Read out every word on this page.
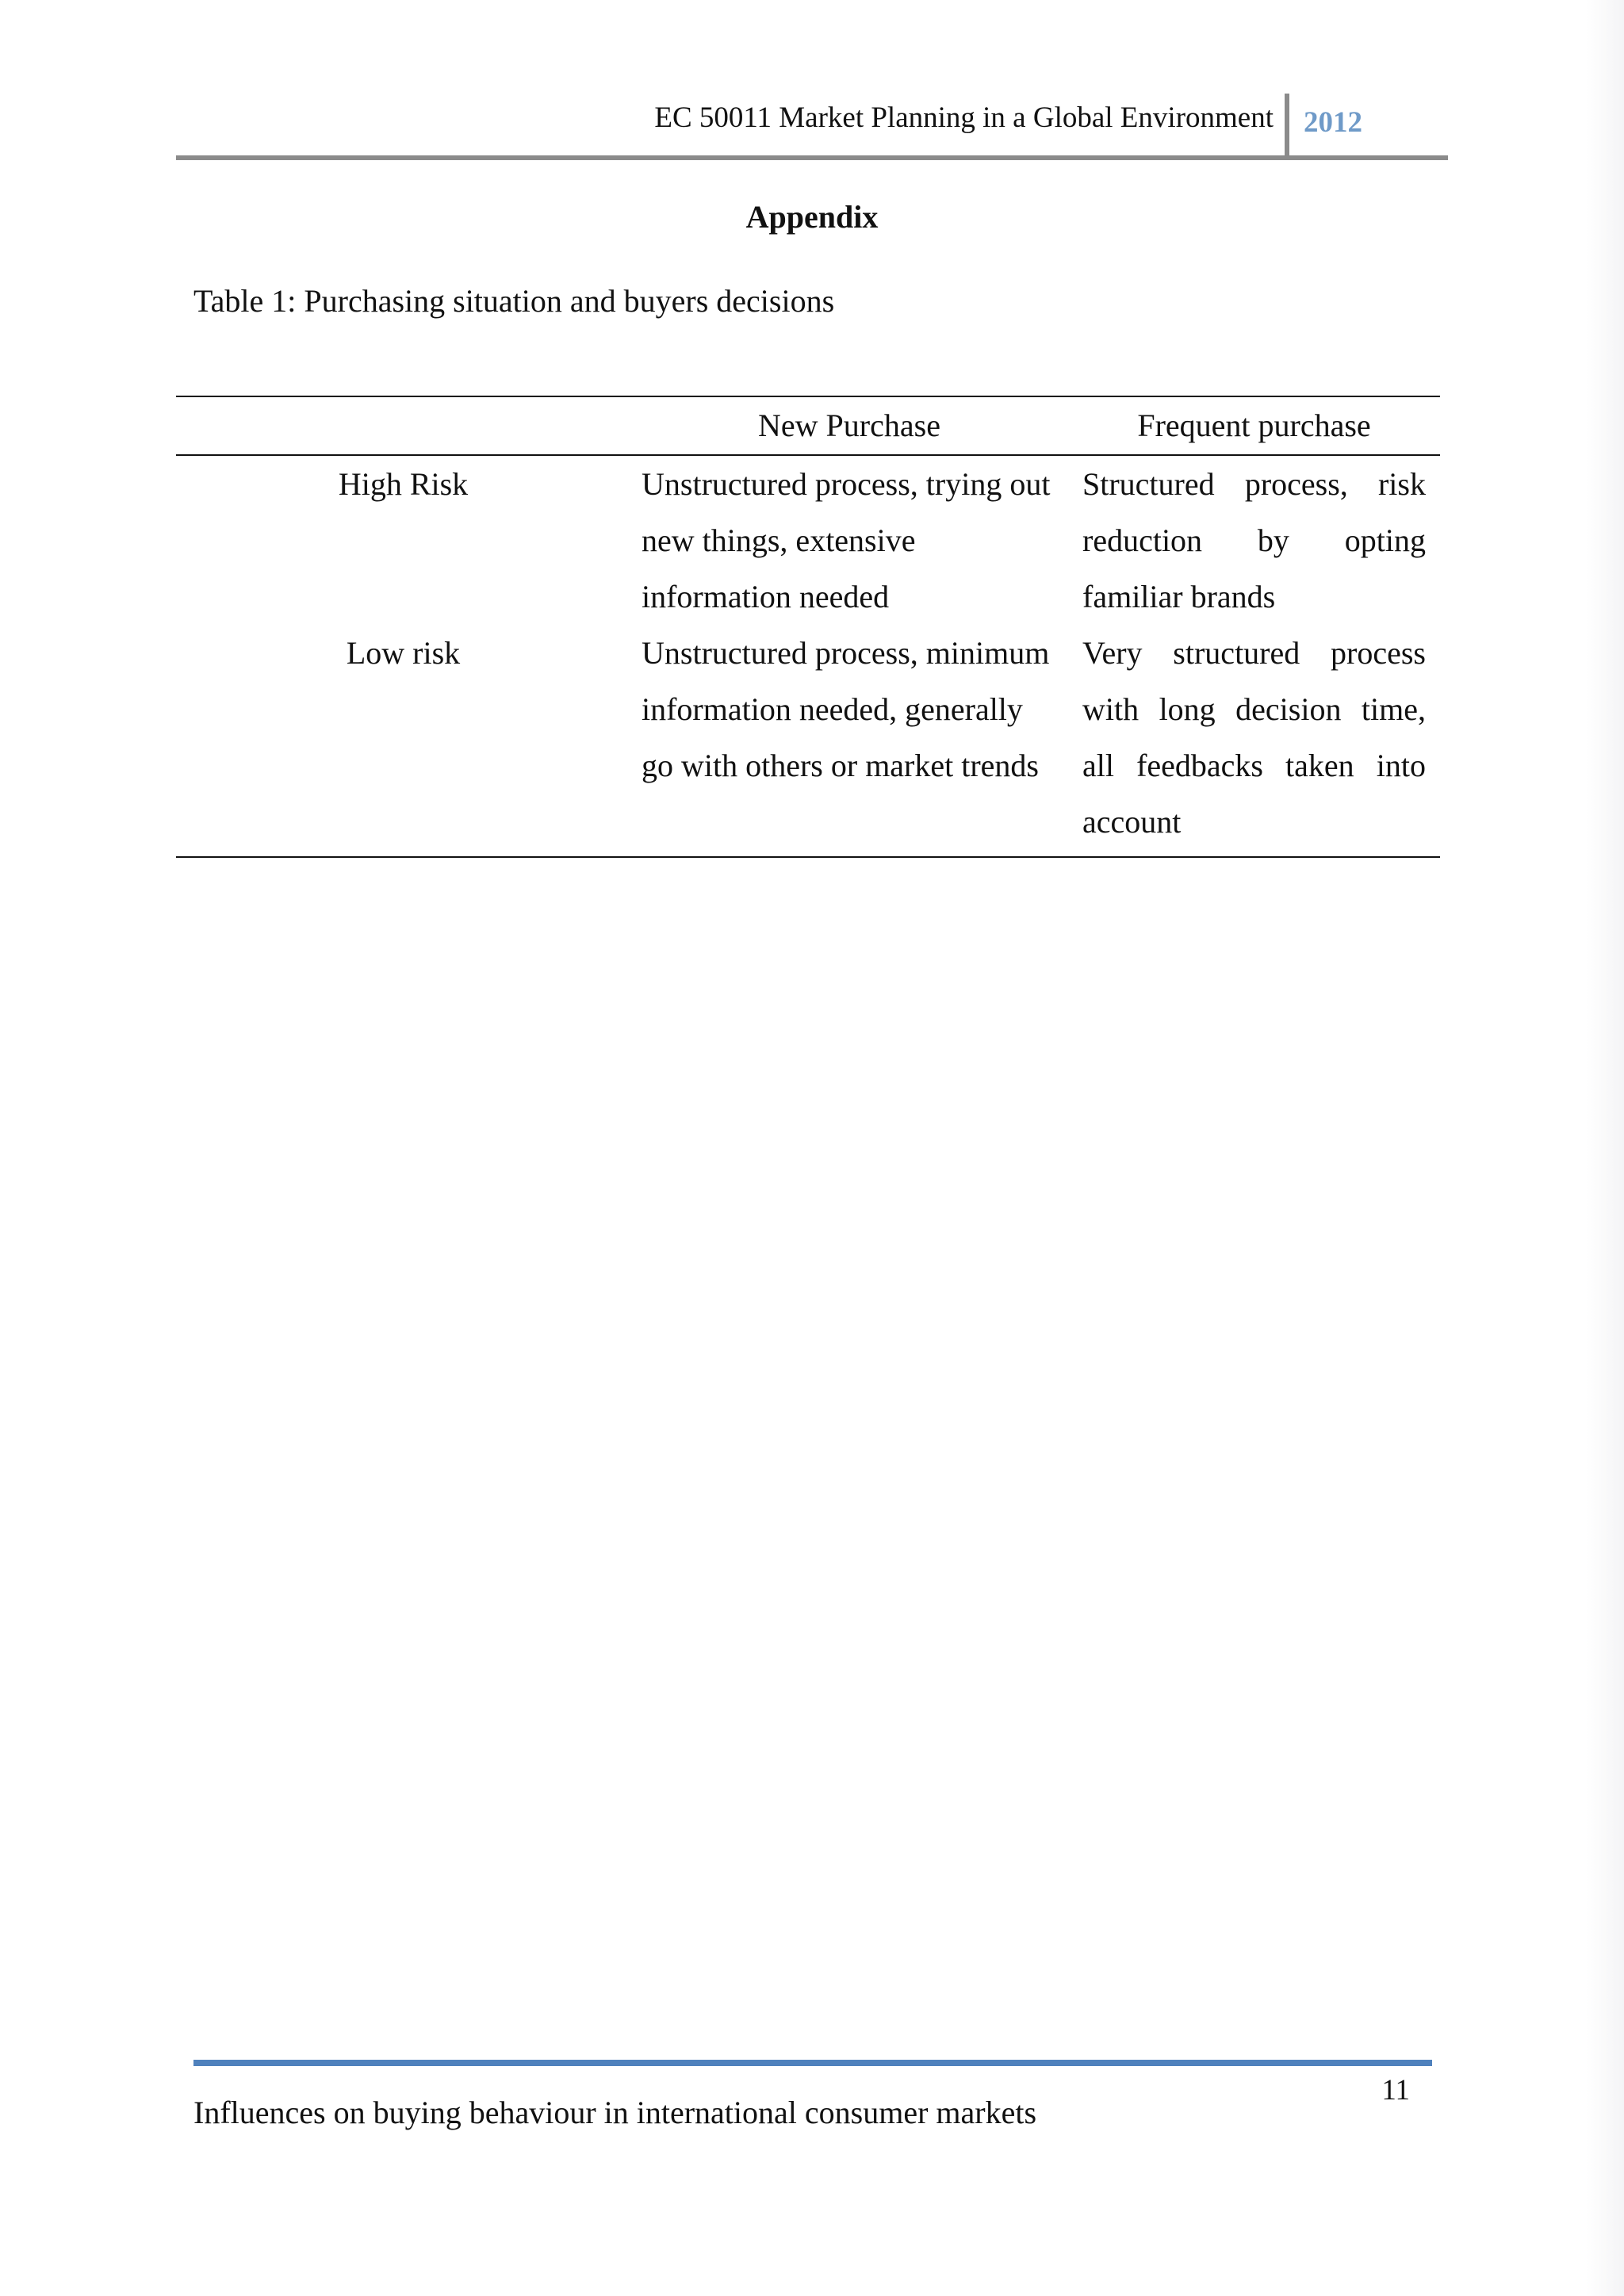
EC 50011 Market Planning in a Global Environment 2012
Appendix
Table 1: Purchasing situation and buyers decisions
	New Purchase	Frequent purchase
High Risk	Unstructured process, trying out new things, extensive information needed	Structured process, risk reduction by opting familiar brands
Low risk	Unstructured process, minimum information needed, generally go with others or market trends	Very structured process with long decision time, all feedbacks taken into account
11
Influences on buying behaviour in international consumer markets
